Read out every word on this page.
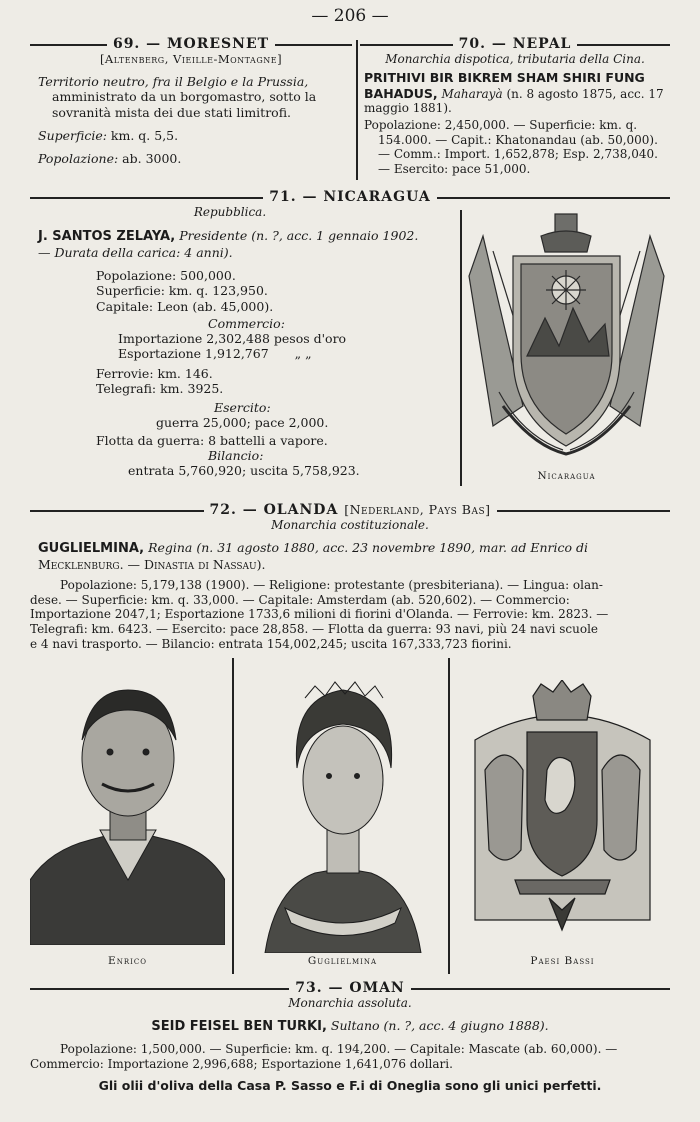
— 206 —
69. — MORESNET
[Altenberg, Vieille-Montagne]
Territorio neutro, fra il Belgio e la Prussia,
amministrato da un borgomastro, sotto la
sovranità mista dei due stati limitrofi.
Superficie: km. q. 5,5.
Popolazione: ab. 3000.
70. — NEPAL
Monarchia dispotica, tributaria della Cina.
PRITHIVI BIR BIKREM SHAM SHIRI FUNG BAHADUS, Maharayà (n. 8 agosto 1875, acc. 17 maggio 1881).
Popolazione: 2,450,000. — Superficie: km. q.
154.000. — Capit.: Khatonandau (ab. 50,000).
— Comm.: Import. 1,652,878; Esp. 2,738,040.
— Esercito: pace 51,000.
71. — NICARAGUA
Repubblica.
J. SANTOS ZELAYA, Presidente (n. ?, acc. 1 gennaio 1902.
— Durata della carica: 4 anni).
Popolazione: 500,000.
Superficie: km. q. 123,950.
Capitale: Leon (ab. 45,000).
Commercio:
Importazione 2,302,488 pesos d'oro
Esportazione 1,912,767 „ „
Ferrovie: km. 146.
Telegrafi: km. 3925.
Esercito:
guerra 25,000; pace 2,000.
Flotta da guerra: 8 battelli a vapore.
Bilancio:
entrata 5,760,920; uscita 5,758,923.	Nicaragua
72. — OLANDA [Nederland, Pays Bas]
Monarchia costituzionale.
GUGLIELMINA, Regina (n. 31 agosto 1880, acc. 23 novembre 1890, mar. ad Enrico di
Mecklenburg. — Dinastia di Nassau).
Popolazione: 5,179,138 (1900). — Religione: protestante (presbiteriana). — Lingua: olan-
dese. — Superficie: km. q. 33,000. — Capitale: Amsterdam (ab. 520,602). — Commercio:
Importazione 2047,1; Esportazione 1733,6 milioni di fiorini d'Olanda. — Ferrovie: km. 2823. —
Telegrafi: km. 6423. — Esercito: pace 28,858. — Flotta da guerra: 93 navi, più 24 navi scuole
e 4 navi trasporto. — Bilancio: entrata 154,002,245; uscita 167,333,723 fiorini.
Enrico	Guglielmina	Paesi Bassi
73. — OMAN
Monarchia assoluta.
SEID FEISEL BEN TURKI, Sultano (n. ?, acc. 4 giugno 1888).
Popolazione: 1,500,000. — Superficie: km. q. 194,200. — Capitale: Mascate (ab. 60,000). —
Commercio: Importazione 2,996,688; Esportazione 1,641,076 dollari.
Gli olii d'oliva della Casa P. Sasso e F.i di Oneglia sono gli unici perfetti.
